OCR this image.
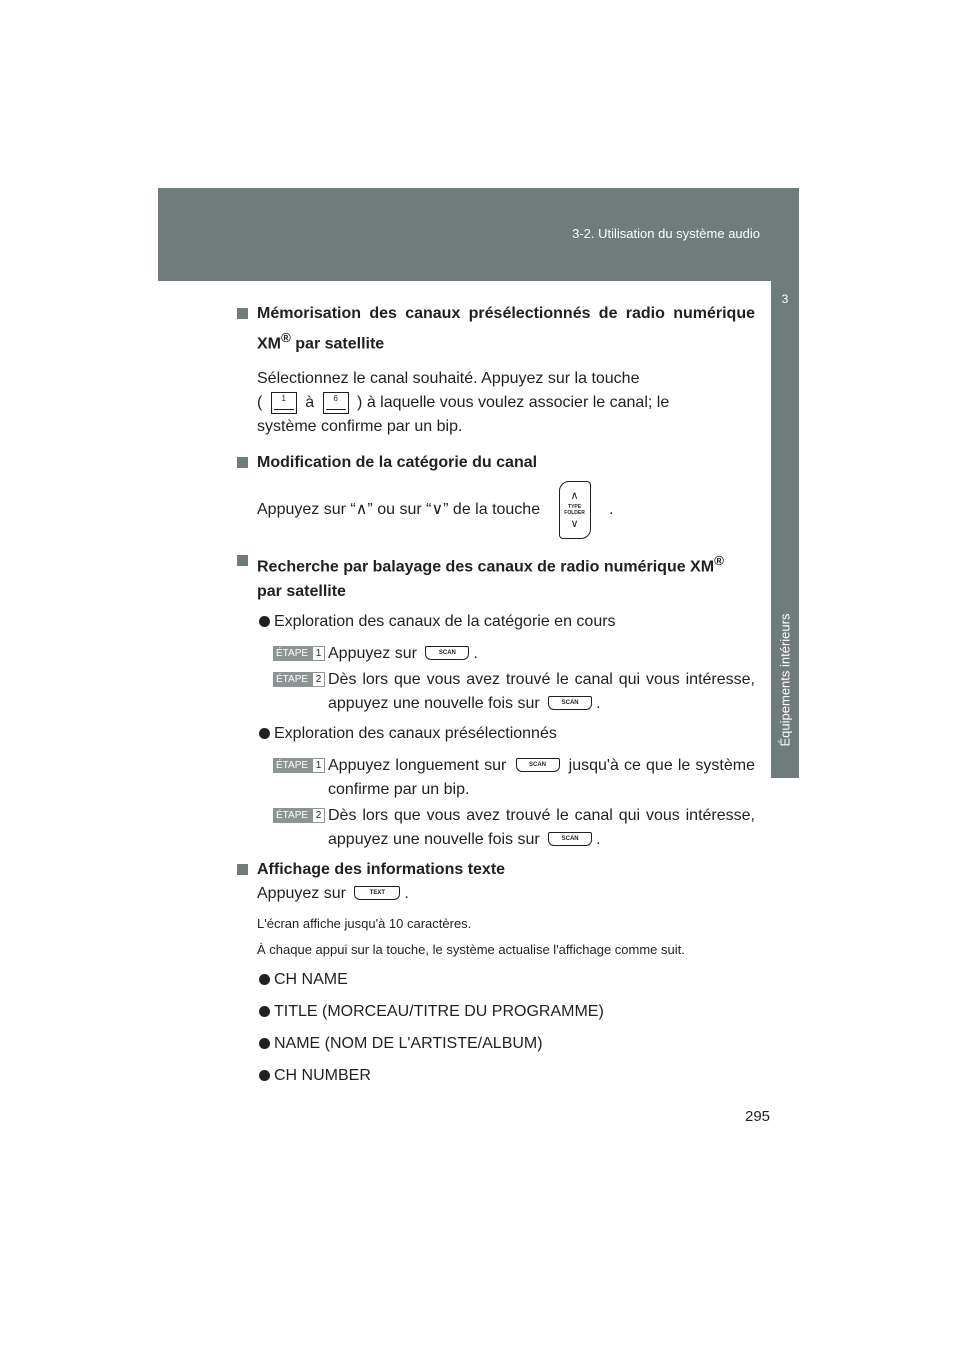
3-2. Utilisation du système audio
3
Équipements intérieurs
Mémorisation des canaux présélectionnés de radio numérique XM® par satellite
Sélectionnez le canal souhaité. Appuyez sur la touche
( 1 à 6 ) à laquelle vous voulez associer le canal; le
système confirme par un bip.
Modification de la catégorie du canal
Appuyez sur “∧” ou sur “∨” de la touche
∧
TYPE FOLDER
∨
.
Recherche par balayage des canaux de radio numérique XM®
par satellite
Exploration des canaux de la catégorie en cours
ÉTAPE 1 Appuyez sur	SCAN .
ÉTAPE 2 Dès lors que vous avez trouvé le canal qui vous intéresse, appuyez une nouvelle fois sur	SCAN .
Exploration des canaux présélectionnés
ÉTAPE 1 Appuyez longuement sur	SCAN jusqu'à ce que le système confirme par un bip.
ÉTAPE 2 Dès lors que vous avez trouvé le canal qui vous intéresse, appuyez une nouvelle fois sur	SCAN .
Affichage des informations texte
Appuyez sur	TEXT .
L'écran affiche jusqu'à 10 caractères.
À chaque appui sur la touche, le système actualise l'affichage comme suit.
CH NAME
TITLE (MORCEAU/TITRE DU PROGRAMME)
NAME (NOM DE L'ARTISTE/ALBUM)
CH NUMBER
295
